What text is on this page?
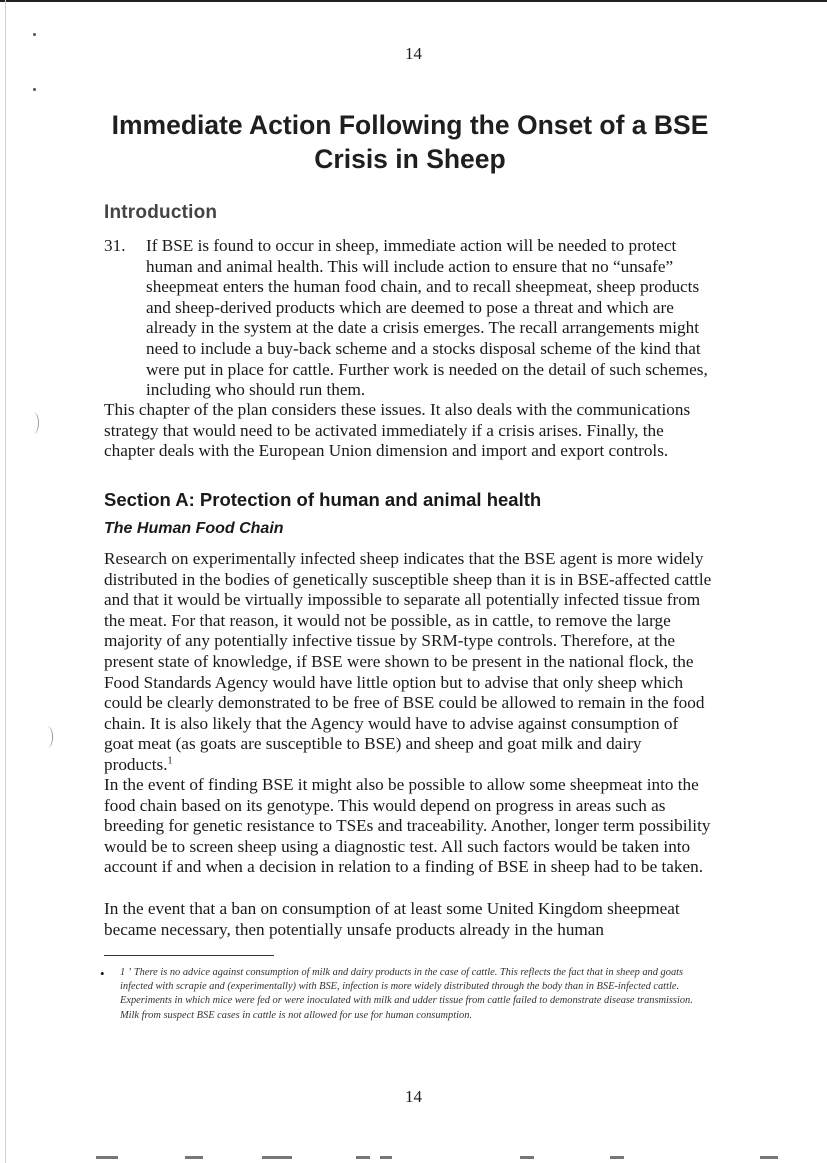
14
Immediate Action Following the Onset of a BSE Crisis in Sheep
Introduction

31. If BSE is found to occur in sheep, immediate action will be needed to protect human and animal health. This will include action to ensure that no “unsafe” sheepmeat enters the human food chain, and to recall sheepmeat, sheep products and sheep-derived products which are deemed to pose a threat and which are already in the system at the date a crisis emerges. The recall arrangements might need to include a buy-back scheme and a stocks disposal scheme of the kind that were put in place for cattle. Further work is needed on the detail of such schemes, including who should run them.

This chapter of the plan considers these issues. It also deals with the communications strategy that would need to be activated immediately if a crisis arises. Finally, the chapter deals with the European Union dimension and import and export controls.

Section A: Protection of human and animal health
The Human Food Chain

Research on experimentally infected sheep indicates that the BSE agent is more widely distributed in the bodies of genetically susceptible sheep than it is in BSE-affected cattle and that it would be virtually impossible to separate all potentially infected tissue from the meat. For that reason, it would not be possible, as in cattle, to remove the large majority of any potentially infective tissue by SRM-type controls. Therefore, at the present state of knowledge, if BSE were shown to be present in the national flock, the Food Standards Agency would have little option but to advise that only sheep which could be clearly demonstrated to be free of BSE could be allowed to remain in the food chain. It is also likely that the Agency would have to advise against consumption of goat meat (as goats are susceptible to BSE) and sheep and goat milk and dairy products.$^1$

In the event of finding BSE it might also be possible to allow some sheepmeat into the food chain based on its genotype. This would depend on progress in areas such as breeding for genetic resistance to TSEs and traceability. Another, longer term possibility would be to screen sheep using a diagnostic test. All such factors would be taken into account if and when a decision in relation to a finding of BSE in sheep had to be taken.

In the event that a ban on consumption of at least some United Kingdom sheepmeat became necessary, then potentially unsafe products already in the human

• 1 ʼ There is no advice against consumption of milk and dairy products in the case of cattle. This reflects the fact that in sheep and goats infected with scrapie and (experimentally) with BSE, infection is more widely distributed through the body than in BSE-infected cattle. Experiments in which mice were fed or were inoculated with milk and udder tissue from cattle failed to demonstrate disease transmission. Milk from suspect BSE cases in cattle is not allowed for use for human consumption.

14
